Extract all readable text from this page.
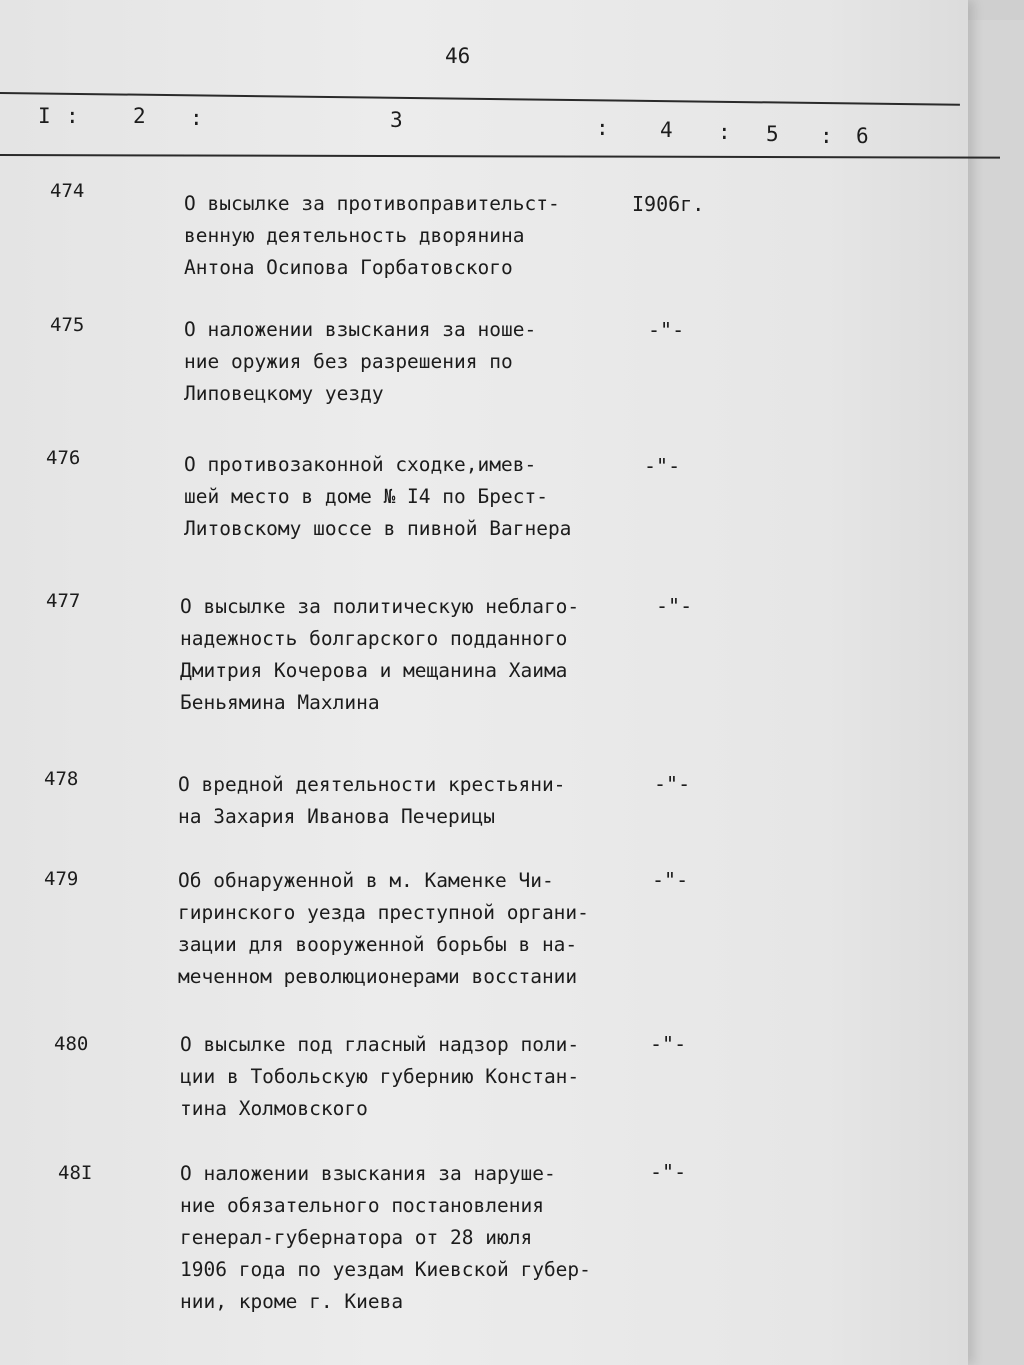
46
I :	2 :	3	: 4 : 5 : 6
474
О высылке за противоправительст-
венную деятельность дворянина
Антона Осипова Горбатовского
I906г.
475	О наложении взыскания за ноше-
ние оружия без разрешения по
Липовецкому уезду
-"-
476	О противозаконной сходке,имев-
шей место в доме № I4 по Брест-
Литовскому шоссе в пивной Вагнера
-"-
477	О высылке за политическую неблаго-
надежность болгарского подданного
Дмитрия Кочерова и мещанина Хаима
Беньямина Махлина
-"-
478	О вредной деятельности крестьяни-
на Захария Иванова Печерицы
-"-
479	Об обнаруженной в м. Каменке Чи-
гиринского уезда преступной органи-
зации для вооруженной борьбы в на-
меченном революционерами восстании
-"-
480	О высылке под гласный надзор поли-
ции в Тобольскую губернию Констан-
тина Холмовского
-"-
48I	О наложении взыскания за наруше-
ние обязательного постановления
генерал-губернатора от 28 июля
1906 года по уездам Киевской губер-
нии, кроме г. Киева
-"-
